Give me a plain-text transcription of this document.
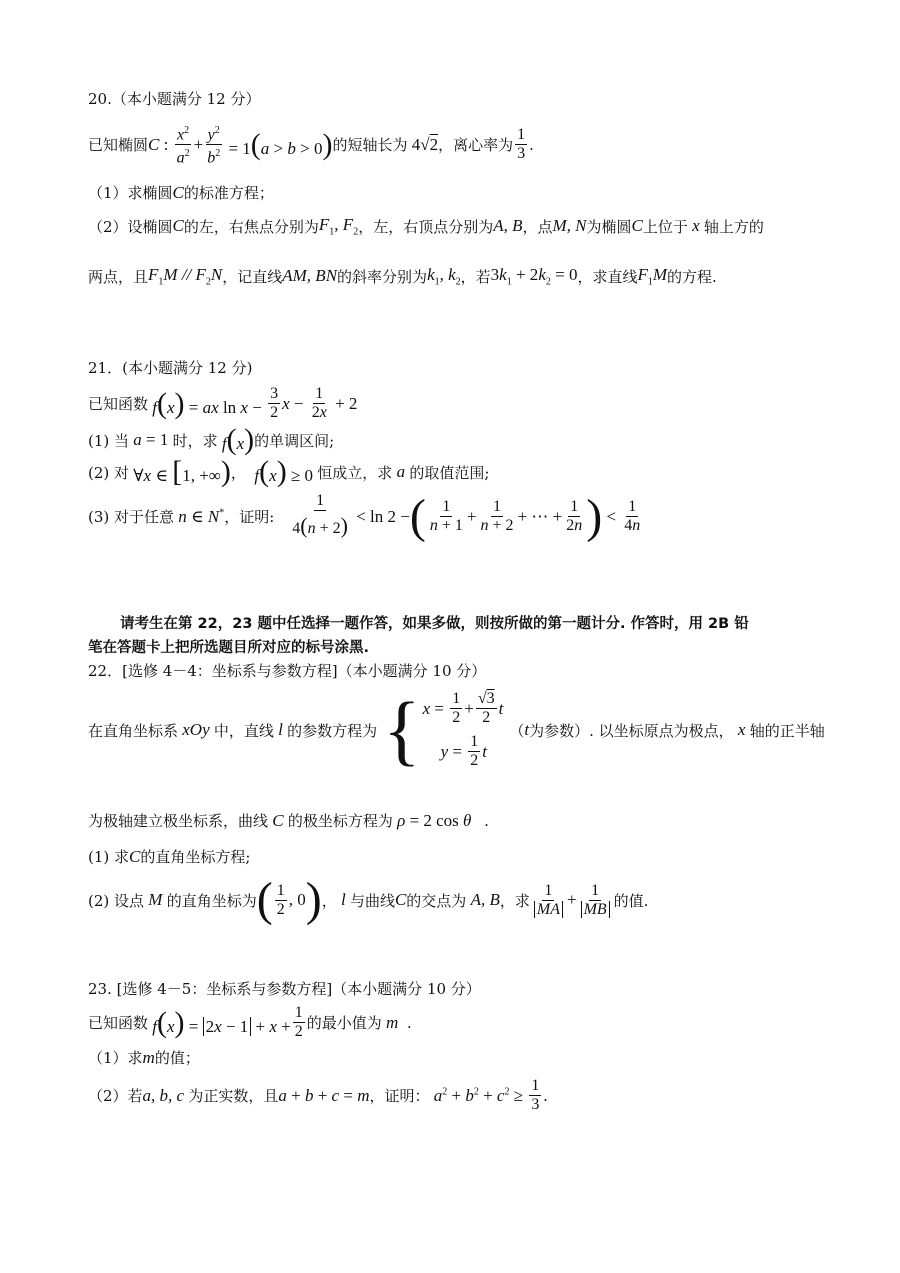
20.（本小题满分 12 分）
已知椭圆 C : $\frac{x^2}{a^2} + \frac{y^2}{b^2} = 1(a > b > 0)$ 的短轴长为 4√2 ，离心率为 $\frac{1}{3}$ .
（1）求椭圆 C 的标准方程；
（2）设椭圆 C 的左，右焦点分别为 $F_1$, $F_2$ ，左，右顶点分别为 A, B ，点 M, N 为椭圆 C 上位于 x 轴上方的
两点，且 $F_1M // F_2N$ ，记直线 AM, BN 的斜率分别为 $k_1$, $k_2$ ，若 $3k_1 + 2k_2 = 0$ ，求直线 $F_1M$ 的方程.
21．(本小题满分 12 分)
已知函数 f(x) = ax $\ln x - \frac{3}{2}$ $x - \frac{1}{2x} + 2$
(1) 当 a = 1 时，求 f(x) 的单调区间;
(2) 对 ∀x ∈ [1, +∞) ， f(x) ≥ 0 恒成立，求 a 的取值范围;
(3) 对于任意 n ∈ N* ，证明: $\frac{1}{4(n + 2)} < \ln 2$ − ( $\frac{1}{n + 1} + \frac{1}{n + 2}$ + ⋯ + $\frac{1}{2n}$ ) < $\frac{1}{4n}$
请考生在第 22，23 题中任选择一题作答，如果多做，则按所做的第一题计分. 作答时，用 2B 铅
笔在答题卡上把所选题目所对应的标号涂黑.
22．[选修 4－4：坐标系与参数方程]（本小题满分 10 分）
在直角坐标系 xOy 中，直线 l 的参数方程为 { $x = \frac{1}{2} + \frac{√3}{2}$ t
$y = \frac{1}{2}$ t
（ t 为参数）. 以坐标原点为极点， x 轴的正半轴
为极轴建立极坐标系，曲线 C 的极坐标方程为 ρ = 2 cos θ .
(1) 求 C 的直角坐标方程;
(2) 设点 M 的直角坐标为 ( $\frac{1}{2}$ , 0 ) ， l 与曲线 C 的交点为 A, B ，求 $\frac{1}{MA} + \frac{1}{MB}$ 的值.
23. [选修 4－5：坐标系与参数方程]（本小题满分 10 分）
已知函数 $f(x) = 2x - 1 + x + \frac{1}{2}$ 的最小值为 m .
（1）求 m 的值；
（2）若 a, b, c 为正实数，且 a + b + c = m ，证明： $a^2 + b^2 + c^2 \ge \frac{1}{3}$ .
